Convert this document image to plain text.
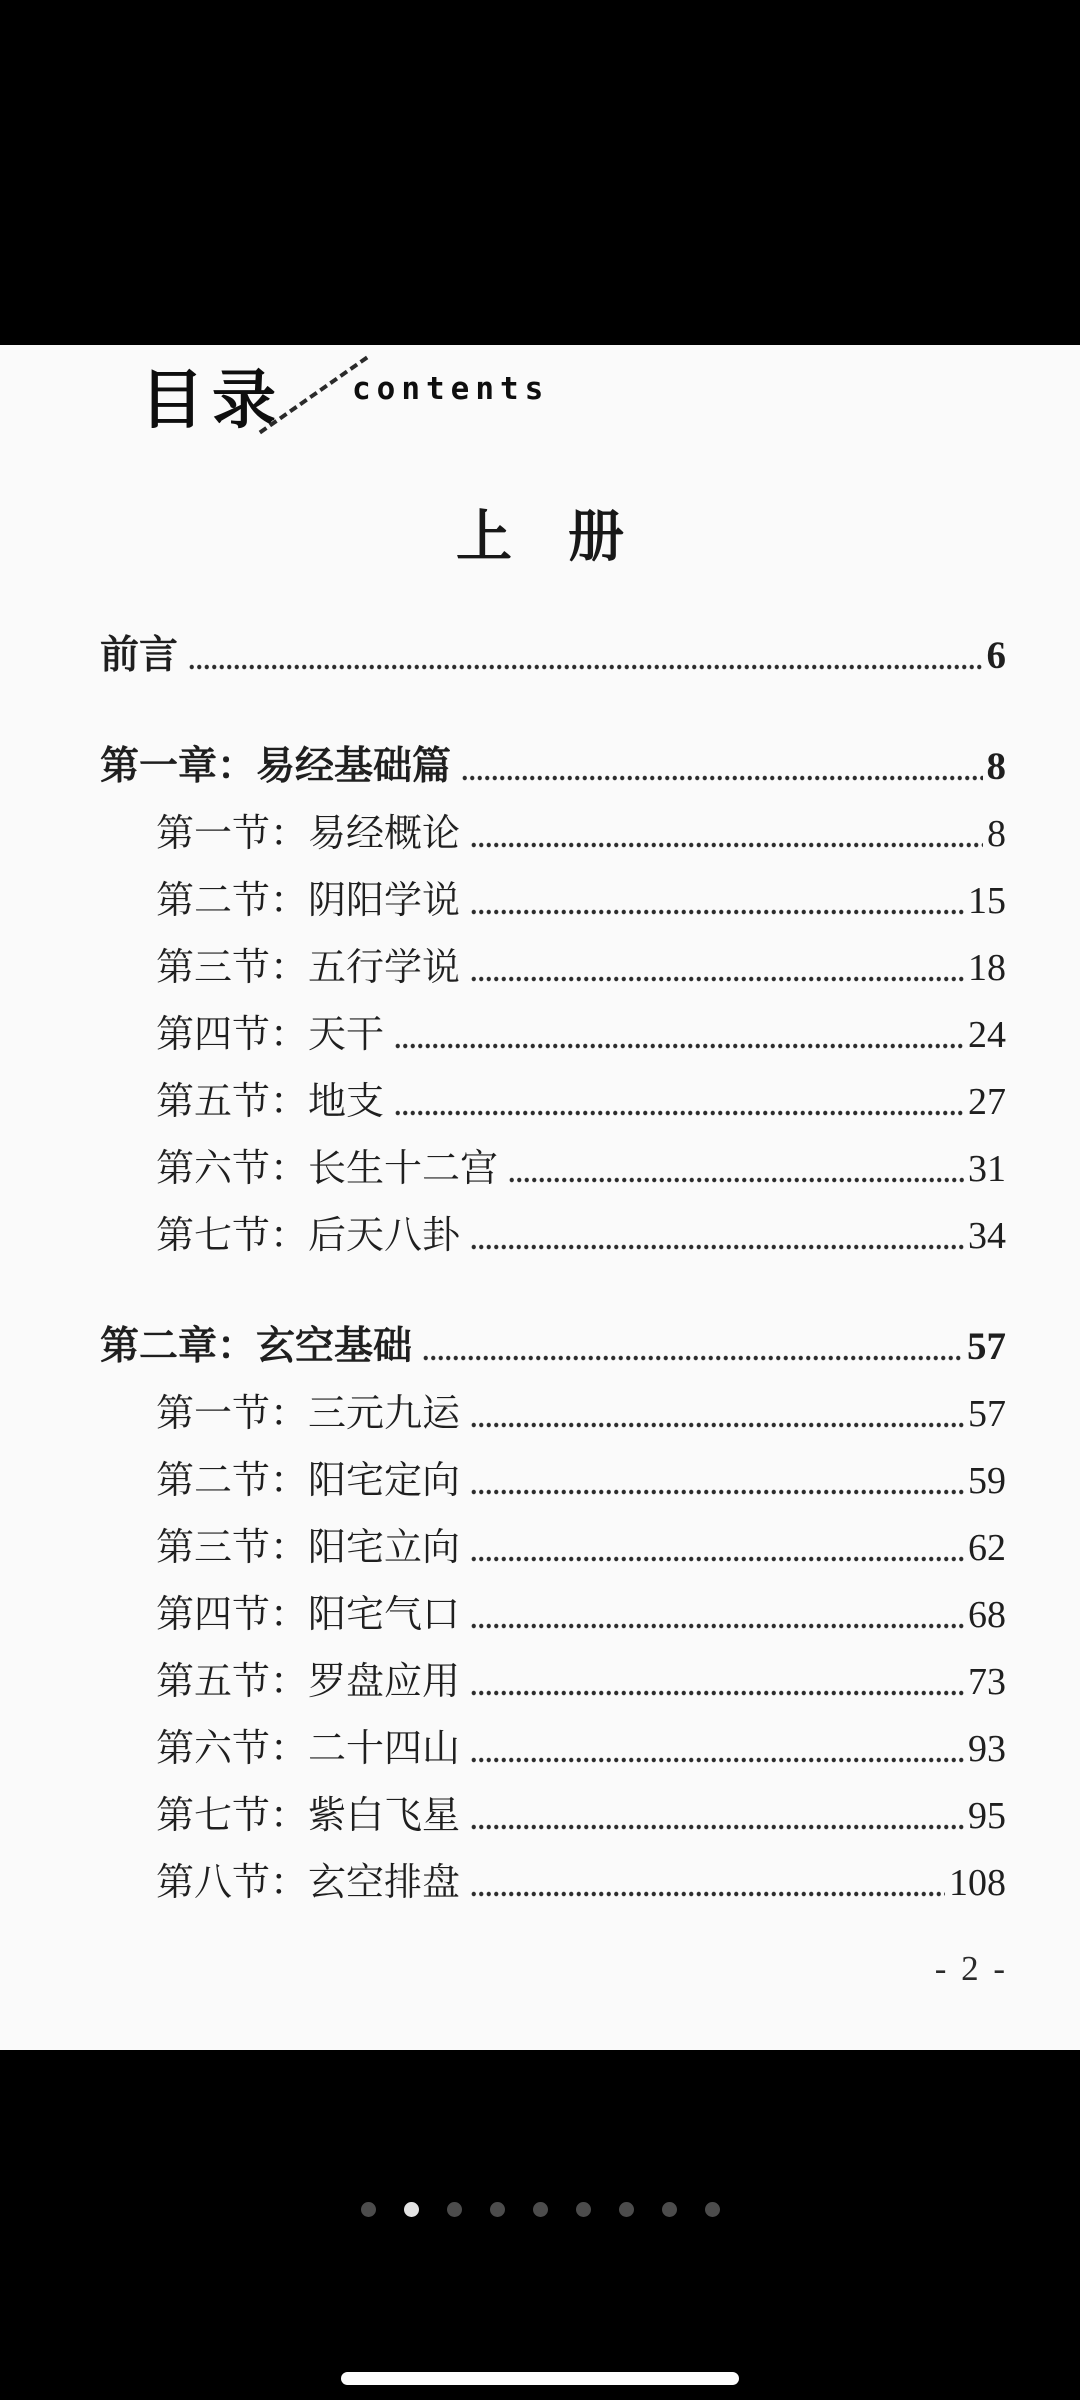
目录 contents
上　册
前言	6
第一章：易经基础篇	8
第一节：易经概论	8
第二节：阴阳学说	15
第三节：五行学说	18
第四节：天干	24
第五节：地支	27
第六节：长生十二宫	31
第七节：后天八卦	34
第二章：玄空基础	57
第一节：三元九运	57
第二节：阳宅定向	59
第三节：阳宅立向	62
第四节：阳宅气口	68
第五节：罗盘应用	73
第六节：二十四山	93
第七节：紫白飞星	95
第八节：玄空排盘	108
- 2 -
